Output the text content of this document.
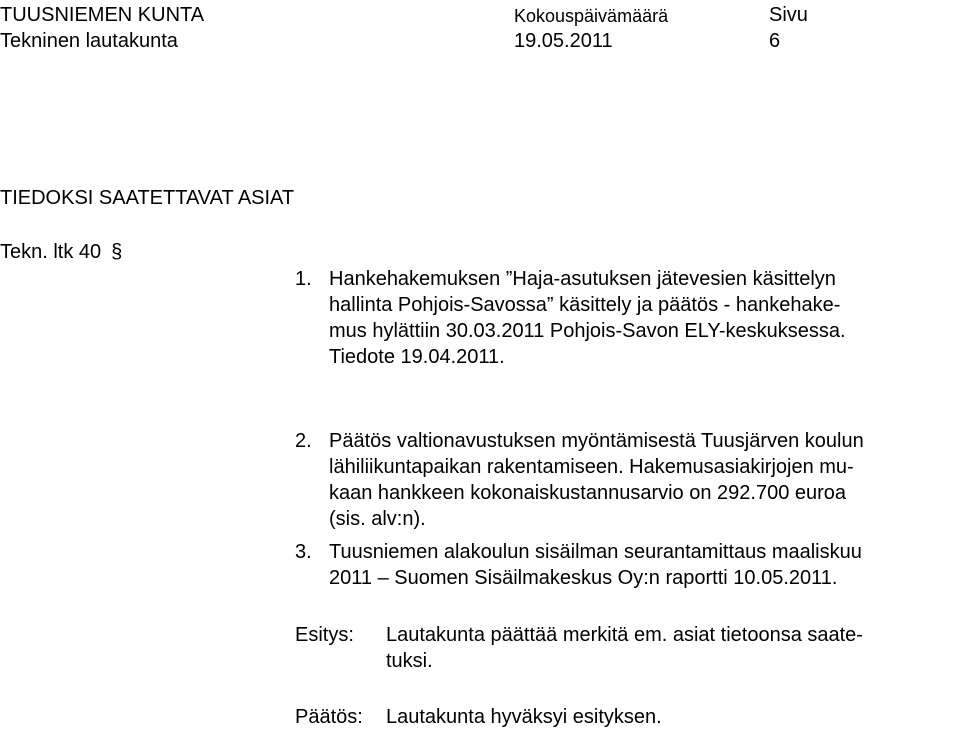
TUUSNIEMEN KUNTA
Tekninen lautakunta
Kokouspäivämäärä
19.05.2011
Sivu
6
TIEDOKSI SAATETTAVAT ASIAT
Tekn. ltk 40 §
1. Hankehakemuksen ”Haja-asutuksen jätevesien käsittelyn
hallinta Pohjois-Savossa” käsittely ja päätös - hankehake-
mus hylättiin 30.03.2011 Pohjois-Savon ELY-keskuksessa.
Tiedote 19.04.2011.
2. Päätös valtionavustuksen myöntämisestä Tuusjärven koulun
lähiliikuntapaikan rakentamiseen. Hakemusasiakirjojen mu-
kaan hankkeen kokonaiskustannusarvio on 292.700 euroa
(sis. alv:n).
3. Tuusniemen alakoulun sisäilman seurantamittaus maaliskuu
2011 – Suomen Sisäilmakeskus Oy:n raportti 10.05.2011.
Esitys: Lautakunta päättää merkitä em. asiat tietoonsa saate-
tuksi.
Päätös: Lautakunta hyväksyi esityksen.
